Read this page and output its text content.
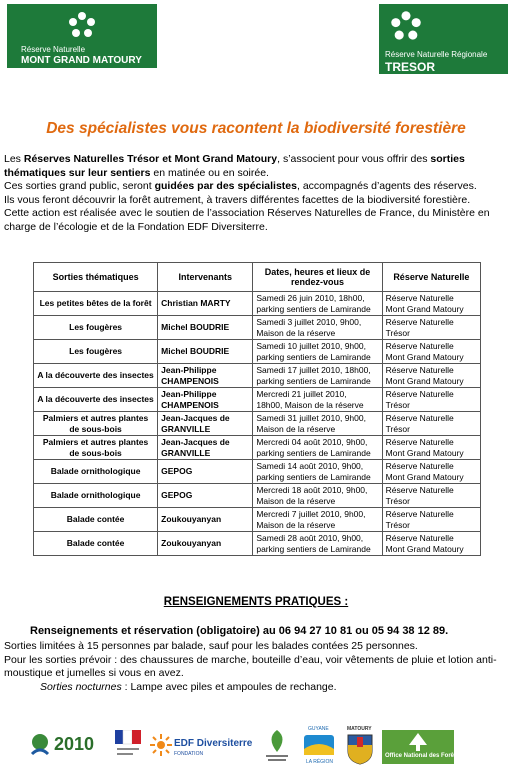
Réserve Naturelle
MONT GRAND MATOURY
Réserve Naturelle Régionale
TRESOR
Des spécialistes vous racontent la biodiversité forestière

Les Réserves Naturelles Trésor et Mont Grand Matoury, s’associent pour vous offrir des sorties thématiques sur leur sentiers en matinée ou en soirée.

Ces sorties grand public, seront guidées par des spécialistes, accompagnés d’agents des réserves.

Ils vous feront découvrir la forêt autrement, à travers différentes facettes de la biodiversité forestière.

Cette action est réalisée avec le soutien de l’association Réserves Naturelles de France, du Ministère en charge de l’écologie et de la Fondation EDF Diversiterre.

Sorties thématiques	Intervenants	Dates, heures et lieux de rendez-vous	Réserve Naturelle
Les petites bêtes de la forêt	Christian MARTY	Samedi 26 juin 2010, 18h00,
parking sentiers de Lamirande	Réserve Naturelle
Mont Grand Matoury
Les fougères	Michel BOUDRIE	Samedi 3 juillet 2010, 9h00,
Maison de la réserve	Réserve Naturelle
Trésor
Les fougères	Michel BOUDRIE	Samedi 10 juillet 2010, 9h00,
parking sentiers de Lamirande	Réserve Naturelle
Mont Grand Matoury
A la découverte des insectes	Jean-Philippe CHAMPENOIS	Samedi 17 juillet 2010, 18h00,
parking sentiers de Lamirande	Réserve Naturelle
Mont Grand Matoury
A la découverte des insectes	Jean-Philippe CHAMPENOIS	Mercredi 21 juillet 2010,
18h00, Maison de la réserve	Réserve Naturelle
Trésor
Palmiers et autres plantes de sous-bois	Jean-Jacques de GRANVILLE	Samedi 31 juillet 2010, 9h00,
Maison de la réserve	Réserve Naturelle
Trésor
Palmiers et autres plantes de sous-bois	Jean-Jacques de GRANVILLE	Mercredi 04 août 2010, 9h00,
parking sentiers de Lamirande	Réserve Naturelle
Mont Grand Matoury
Balade ornithologique	GEPOG	Samedi 14 août 2010, 9h00,
parking sentiers de Lamirande	Réserve Naturelle
Mont Grand Matoury
Balade ornithologique	GEPOG	Mercredi 18 août 2010, 9h00,
Maison de la réserve	Réserve Naturelle
Trésor
Balade contée	Zoukouyanyan	Mercredi 7 juillet 2010, 9h00,
Maison de la réserve	Réserve Naturelle
Trésor
Balade contée	Zoukouyanyan	Samedi 28 août 2010, 9h00,
parking sentiers de Lamirande	Réserve Naturelle
Mont Grand Matoury
RENSEIGNEMENTS PRATIQUES :
Renseignements et réservation (obligatoire) au 06 94 27 10 81 ou 05 94 38 12 89.

Sorties limitées à 15 personnes par balade, sauf pour les balades contées 25 personnes.

Pour les sorties prévoir : des chaussures de marche, bouteille d’eau, voir vêtements de pluie et lotion anti-moustique et jumelles si vous en avez.

Sorties nocturnes : Lampe avec piles et ampoules de rechange.

2010	EDF Diversiterre
FONDATION
GUYANE
LA RÉGION
MATOURY
Office National des Forêts
